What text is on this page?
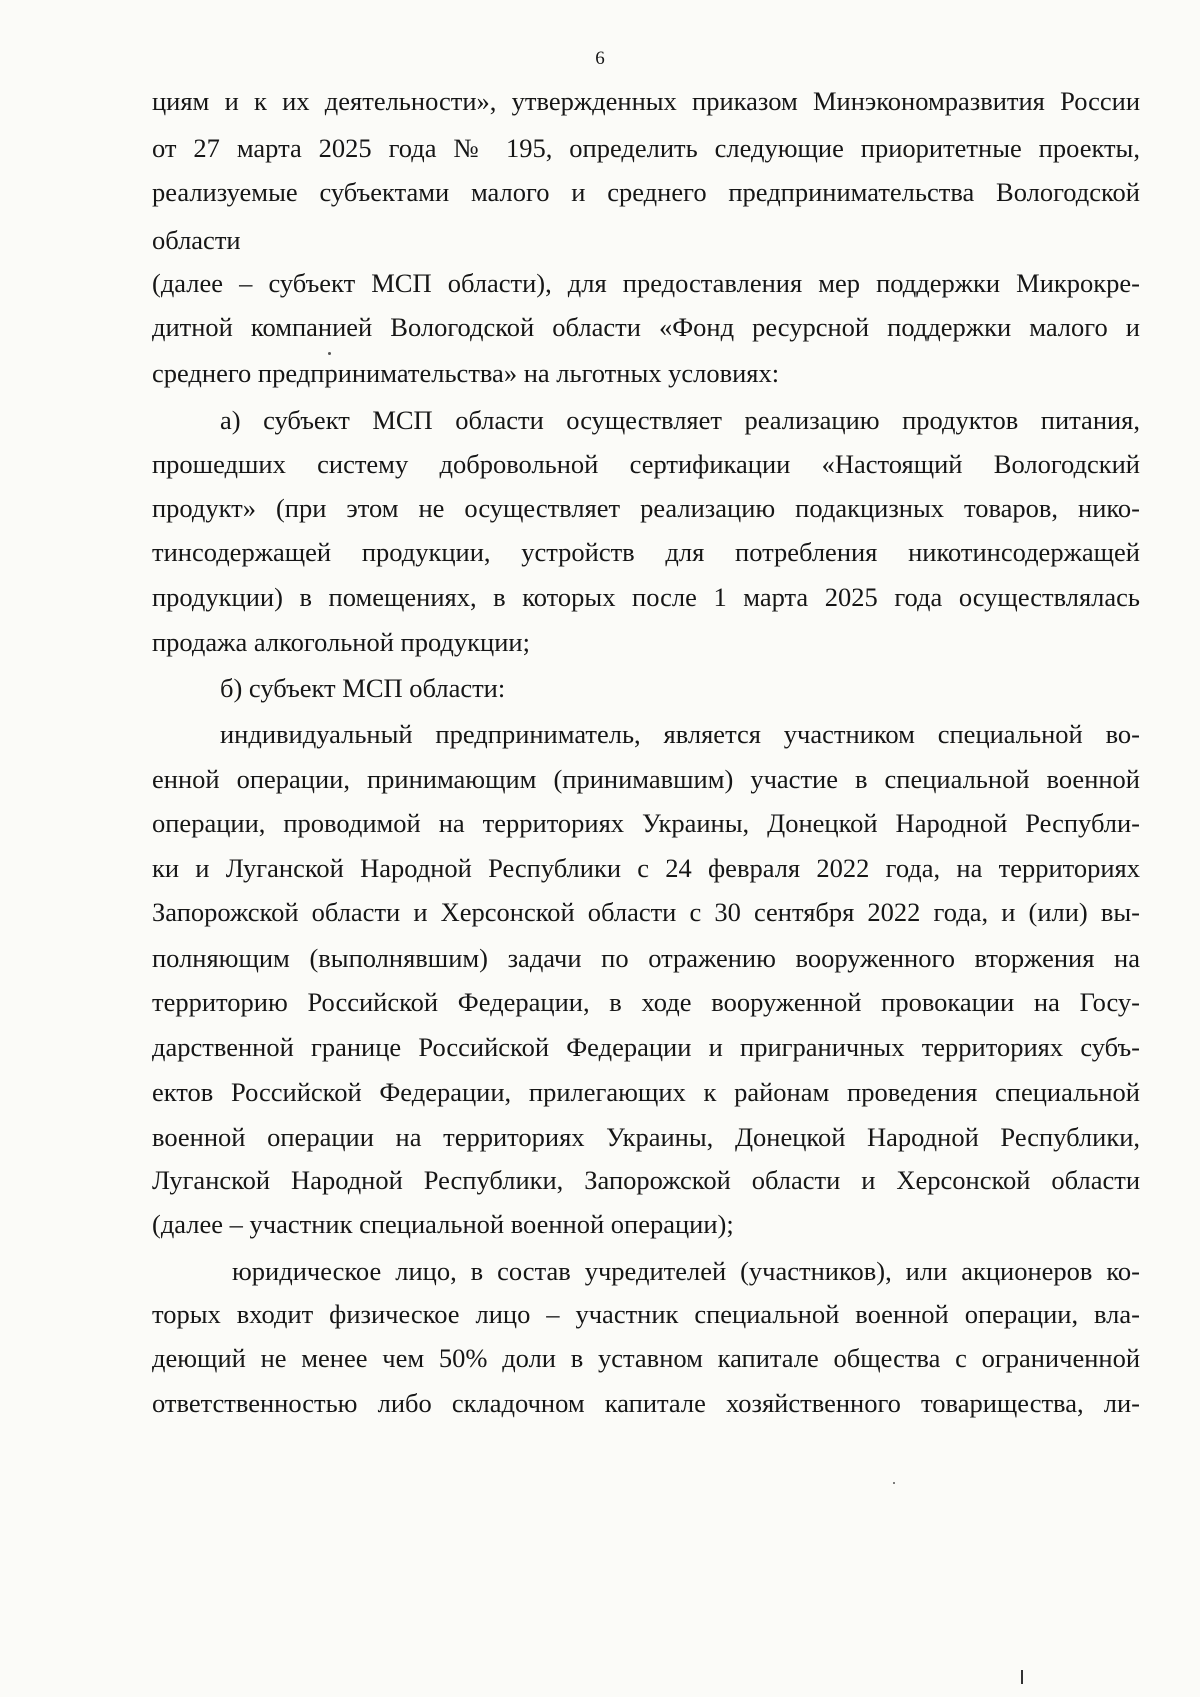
6
циям и к их деятельности», утвержденных приказом Минэкономразвития России
от 27 марта 2025 года № 195, определить следующие приоритетные проекты,
реализуемые субъектами малого и среднего предпринимательства Вологодской
области
(далее – субъект МСП области), для предоставления мер поддержки Микрокре-
дитной компанией Вологодской области «Фонд ресурсной поддержки малого и
среднего предпринимательства» на льготных условиях:
а) субъект МСП области осуществляет реализацию продуктов питания,
прошедших систему добровольной сертификации «Настоящий Вологодский
продукт» (при этом не осуществляет реализацию подакцизных товаров, нико-
тинсодержащей продукции, устройств для потребления никотинсодержащей
продукции) в помещениях, в которых после 1 марта 2025 года осуществлялась
продажа алкогольной продукции;
б) субъект МСП области:
индивидуальный предприниматель, является участником специальной во-
енной операции, принимающим (принимавшим) участие в специальной военной
операции, проводимой на территориях Украины, Донецкой Народной Республи-
ки и Луганской Народной Республики с 24 февраля 2022 года, на территориях
Запорожской области и Херсонской области с 30 сентября 2022 года, и (или) вы-
полняющим (выполнявшим) задачи по отражению вооруженного вторжения на
территорию Российской Федерации, в ходе вооруженной провокации на Госу-
дарственной границе Российской Федерации и приграничных территориях субъ-
ектов Российской Федерации, прилегающих к районам проведения специальной
военной операции на территориях Украины, Донецкой Народной Республики,
Луганской Народной Республики, Запорожской области и Херсонской области
(далее – участник специальной военной операции);
юридическое лицо, в состав учредителей (участников), или акционеров ко-
торых входит физическое лицо – участник специальной военной операции, вла-
деющий не менее чем 50% доли в уставном капитале общества с ограниченной
ответственностью либо складочном капитале хозяйственного товарищества, ли-
